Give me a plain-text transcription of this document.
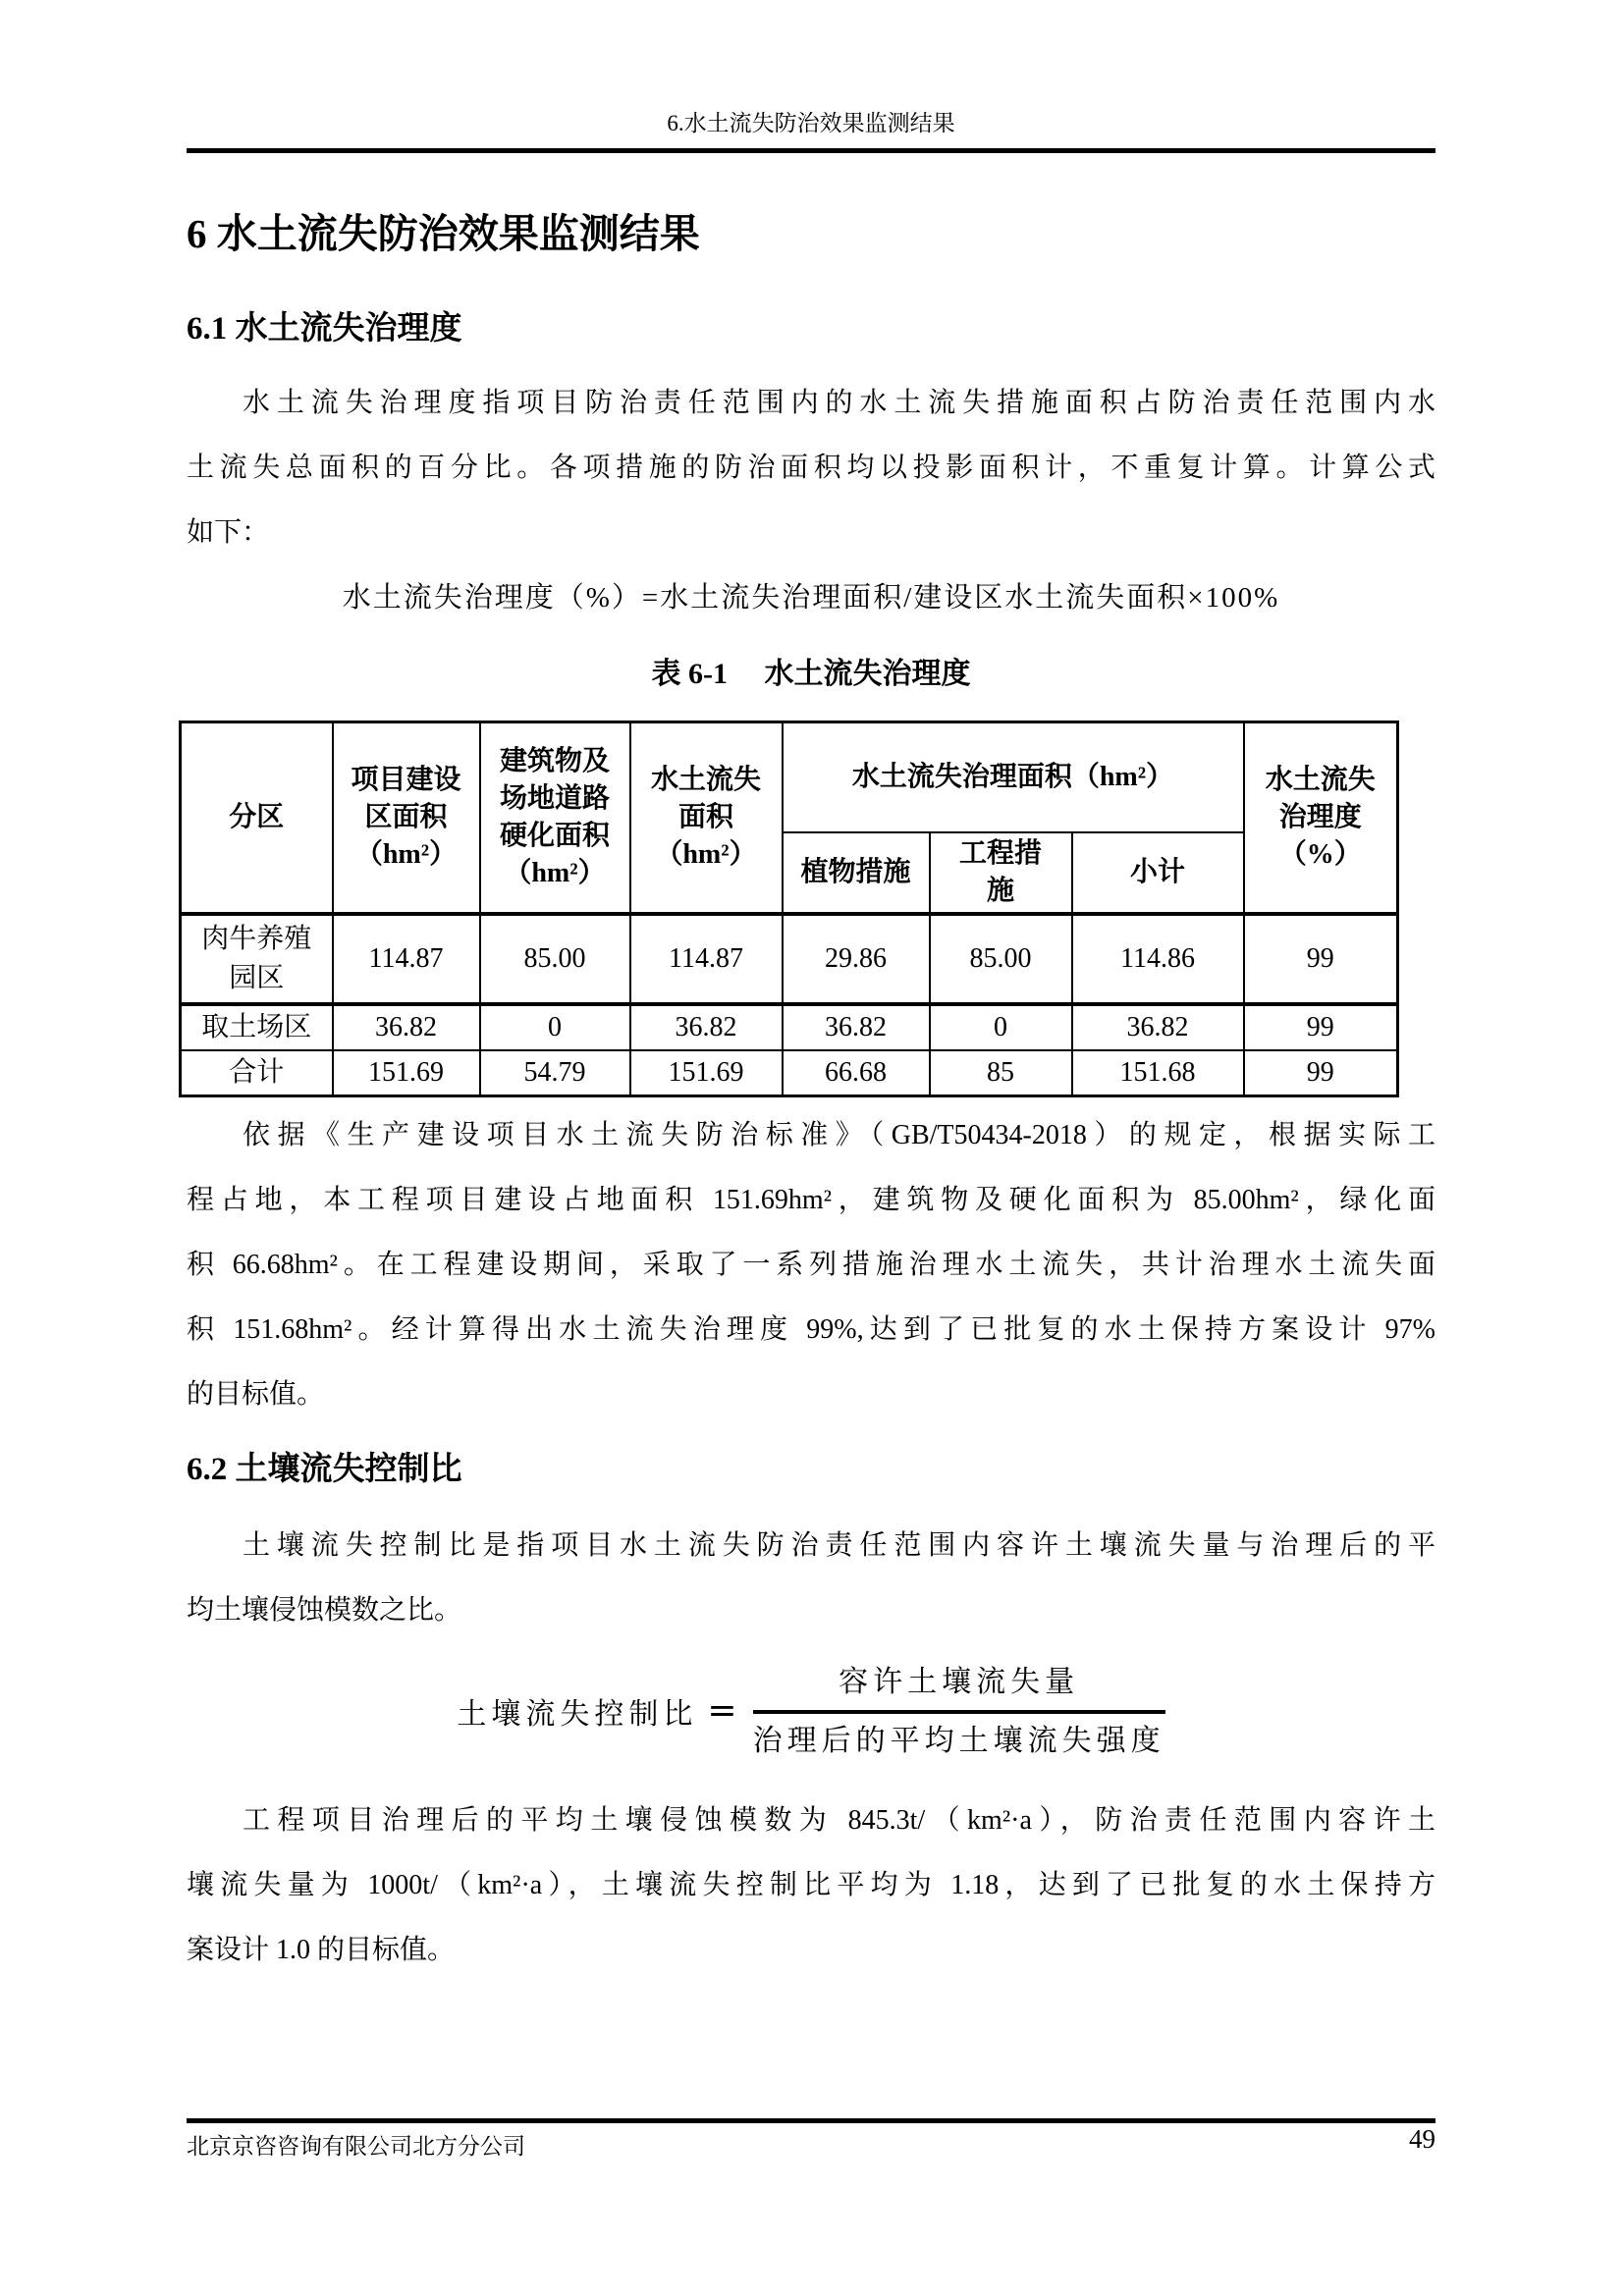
6.水土流失防治效果监测结果
6 水土流失防治效果监测结果
6.1 水土流失治理度
水土流失治理度指项目防治责任范围内的水土流失措施面积占防治责任范围内水
土流失总面积的百分比。各项措施的防治面积均以投影面积计，不重复计算。计算公式
如下：
水土流失治理度（%）=水土流失治理面积/建设区水土流失面积×100%
表 6-1　 水土流失治理度
分区	项目建设区面积（hm²）	建筑物及场地道路硬化面积（hm²）	水土流失面积（hm²）	水土流失治理面积（hm²）			水土流失治理度（%）
				植物措施	工程措施	小计	
肉牛养殖园区	114.87	85.00	114.87	29.86	85.00	114.86	99
取土场区	36.82	0	36.82	36.82	0	36.82	99
合计	151.69	54.79	151.69	66.68	85	151.68	99
依据《生产建设项目水土流失防治标准》（GB/T50434-2018）的规定，根据实际工
程占地，本工程项目建设占地面积 151.69hm²，建筑物及硬化面积为 85.00hm²，绿化面
积 66.68hm²。在工程建设期间，采取了一系列措施治理水土流失，共计治理水土流失面
积 151.68hm²。经计算得出水土流失治理度 99%,达到了已批复的水土保持方案设计 97%
的目标值。
6.2 土壤流失控制比
土壤流失控制比是指项目水土流失防治责任范围内容许土壤流失量与治理后的平
均土壤侵蚀模数之比。
土壤流失控制比 = $\frac{\text{容许土壤流失量}}{\text{治理后的平均土壤流失强度}}$
工程项目治理后的平均土壤侵蚀模数为 845.3t/（km²·a），防治责任范围内容许土
壤流失量为 1000t/（km²·a），土壤流失控制比平均为 1.18，达到了已批复的水土保持方
案设计 1.0 的目标值。
北京京咨咨询有限公司北方分公司	49
